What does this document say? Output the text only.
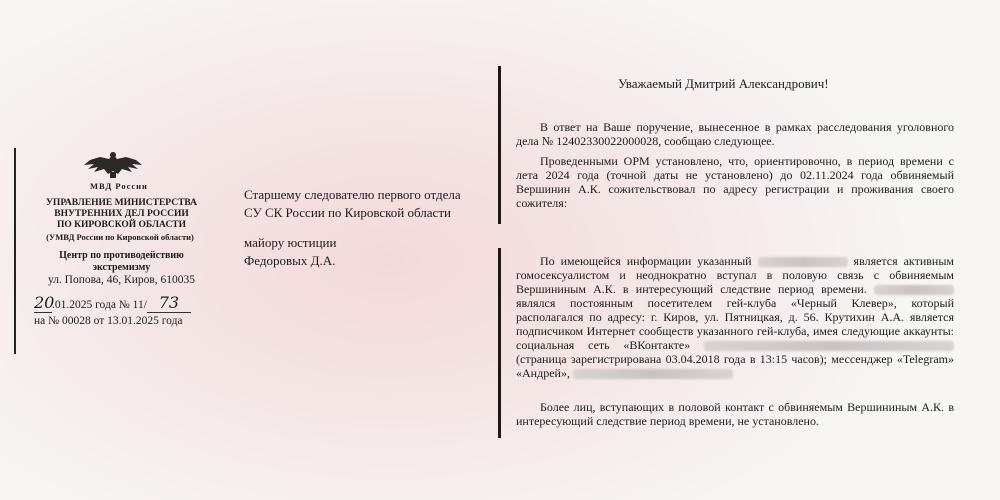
МВД России
УПРАВЛЕНИЕ МИНИСТЕРСТВА
ВНУТРЕННИХ ДЕЛ РОССИИ
ПО КИРОВСКОЙ ОБЛАСТИ
(УМВД России по Кировской области)
Центр по противодействию
экстремизму
ул. Попова, 46, Киров, 610035
20.01.2025 года № 11/ 73
на № 00028 от 13.01.2025 года
Старшему следователю первого отдела
СУ СК России по Кировской области
майору юстиции
Федоровых Д.А.
Уважаемый Дмитрий Александрович!
В ответ на Ваше поручение, вынесенное в рамках расследования уголовного дела № 12402330022000028, сообщаю следующее.
Проведенными ОРМ установлено, что, ориентировочно, в период времени с лета 2024 года (точной даты не установлено) до 02.11.2024 года обвиняемый Вершинин А.К. сожительствовал по адресу регистрации и проживания своего сожителя:
По имеющейся информации указанный	является активным гомосексуалистом и неоднократно вступал в половую связь с обвиняемым Вершининым А.К. в интересующий следствие период времени.  являлся постоянным посетителем гей-клуба «Черный Клевер», который располагался по адресу: г. Киров, ул. Пятницкая, д. 56. Крутихин А.А. является подписчиком Интернет сообществ указанного гей-клуба, имея следующие аккаунты: социальная сеть «ВКонтакте»  (страница зарегистрирована 03.04.2018 года в 13:15 часов); мессенджер «Telegram» «Андрей»,
Более лиц, вступающих в половой контакт с обвиняемым Вершининым А.К. в интересующий следствие период времени, не установлено.
